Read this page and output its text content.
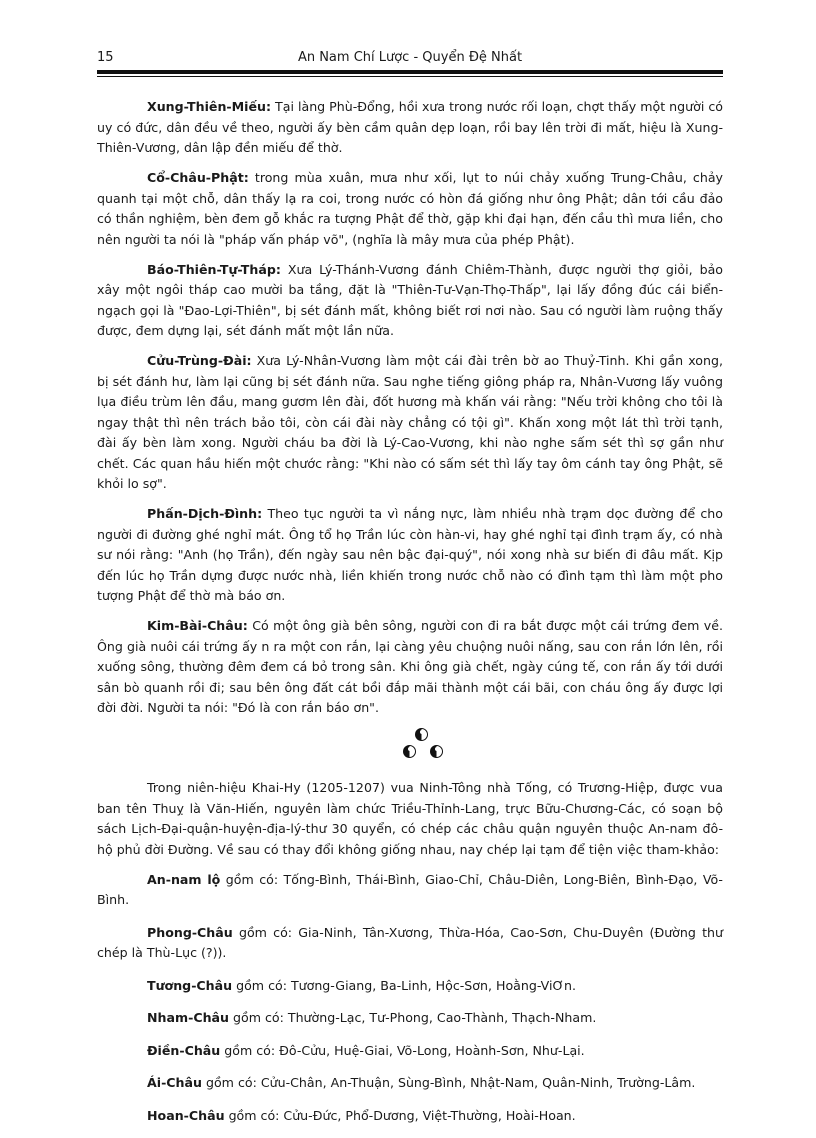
15	An Nam Chí Lược - Quyển Đệ Nhất

Xung-Thiên-Miếu: Tại làng Phù-Đổng, hồi xưa trong nước rối loạn, chợt thấy một người có uy có đức, dân đều về theo, người ấy bèn cầm quân dẹp loạn, rồi bay lên trời đi mất, hiệu là Xung-Thiên-Vương, dân lập đền miếu để thờ.

Cổ-Châu-Phật: trong mùa xuân, mưa như xối, lụt to núi chảy xuống Trung-Châu, chảy quanh tại một chỗ, dân thấy lạ ra coi, trong nước có hòn đá giống như ông Phật; dân tới cầu đảo có thần nghiệm, bèn đem gỗ khắc ra tượng Phật để thờ, gặp khi đại hạn, đến cầu thì mưa liền, cho nên người ta nói là "pháp vấn pháp võ", (nghĩa là mây mưa của phép Phật).

Báo-Thiên-Tự-Tháp: Xưa Lý-Thánh-Vương đánh Chiêm-Thành, được người thợ giỏi, bảo xây một ngôi tháp cao mười ba tầng, đặt là "Thiên-Tư-Vạn-Thọ-Thấp", lại lấy đồng đúc cái biển-ngạch gọi là "Đao-Lợi-Thiên", bị sét đánh mất, không biết rơi nơi nào. Sau có người làm ruộng thấy được, đem dựng lại, sét đánh mất một lần nữa.

Cửu-Trùng-Đài: Xưa Lý-Nhân-Vương làm một cái đài trên bờ ao Thuỷ-Tinh. Khi gần xong, bị sét đánh hư, làm lại cũng bị sét đánh nữa. Sau nghe tiếng giông pháp ra, Nhân-Vương lấy vuông lụa điều trùm lên đầu, mang gươm lên đài, đốt hương mà khấn vái rằng: "Nếu trời không cho tôi là ngay thật thì nên trách bảo tôi, còn cái đài này chẳng có tội gì". Khấn xong một lát thì trời tạnh, đài ấy bèn làm xong. Người cháu ba đời là Lý-Cao-Vương, khi nào nghe sấm sét thì sợ gần như chết. Các quan hầu hiến một chước rằng: "Khi nào có sấm sét thì lấy tay ôm cánh tay ông Phật, sẽ khỏi lo sợ".

Phấn-Dịch-Đình: Theo tục người ta vì nắng nực, làm nhiều nhà trạm dọc đường để cho người đi đường ghé nghỉ mát. Ông tổ họ Trần lúc còn hàn-vi, hay ghé nghỉ tại đình trạm ấy, có nhà sư nói rằng: "Anh (họ Trần), đến ngày sau nên bậc đại-quý", nói xong nhà sư biến đi đâu mất. Kịp đến lúc họ Trần dựng được nước nhà, liền khiến trong nước chỗ nào có đình tạm thì làm một pho tượng Phật để thờ mà báo ơn.

Kim-Bài-Châu: Có một ông già bên sông, người con đi ra bắt được một cái trứng đem về. Ông già nuôi cái trứng ấy n ra một con rắn, lại càng yêu chuộng nuôi nấng, sau con rắn lớn lên, rồi xuống sông, thường đêm đem cá bỏ trong sân. Khi ông già chết, ngày cúng tế, con rắn ấy tới dưới sân bò quanh rồi đi; sau bên ông đất cát bồi đắp mãi thành một cái bãi, con cháu ông ấy được lợi đời đời. Người ta nói: "Đó là con rắn báo ơn".

Trong niên-hiệu Khai-Hy (1205-1207) vua Ninh-Tông nhà Tống, có Trương-Hiệp, được vua ban tên Thuỵ là Văn-Hiến, nguyên làm chức Triều-Thỉnh-Lang, trực Bữu-Chương-Các, có soạn bộ sách Lịch-Đại-quận-huyện-địa-lý-thư 30 quyển, có chép các châu quận nguyên thuộc An-nam đô-hộ phủ đời Đường. Về sau có thay đổi không giống nhau, nay chép lại tạm để tiện việc tham-khảo:

An-nam lộ gồm có: Tống-Bình, Thái-Bình, Giao-Chỉ, Châu-Diên, Long-Biên, Bình-Đạo, Võ-Bình.

Phong-Châu gồm có: Gia-Ninh, Tân-Xương, Thừa-Hóa, Cao-Sơn, Chu-Duyên (Đường thư chép là Thù-Lục (?)).

Tương-Châu gồm có: Tương-Giang, Ba-Linh, Hộc-Sơn, Hoằng-ViƠn.

Nham-Châu gồm có: Thường-Lạc, Tư-Phong, Cao-Thành, Thạch-Nham.

Điền-Châu gồm có: Đô-Cửu, Huệ-Giai, Võ-Long, Hoành-Sơn, Như-Lại.

Ái-Châu gồm có: Cửu-Chân, An-Thuận, Sùng-Bình, Nhật-Nam, Quân-Ninh, Trường-Lâm.

Hoan-Châu gồm có: Cửu-Đức, Phổ-Dương, Việt-Thường, Hoài-Hoan.
